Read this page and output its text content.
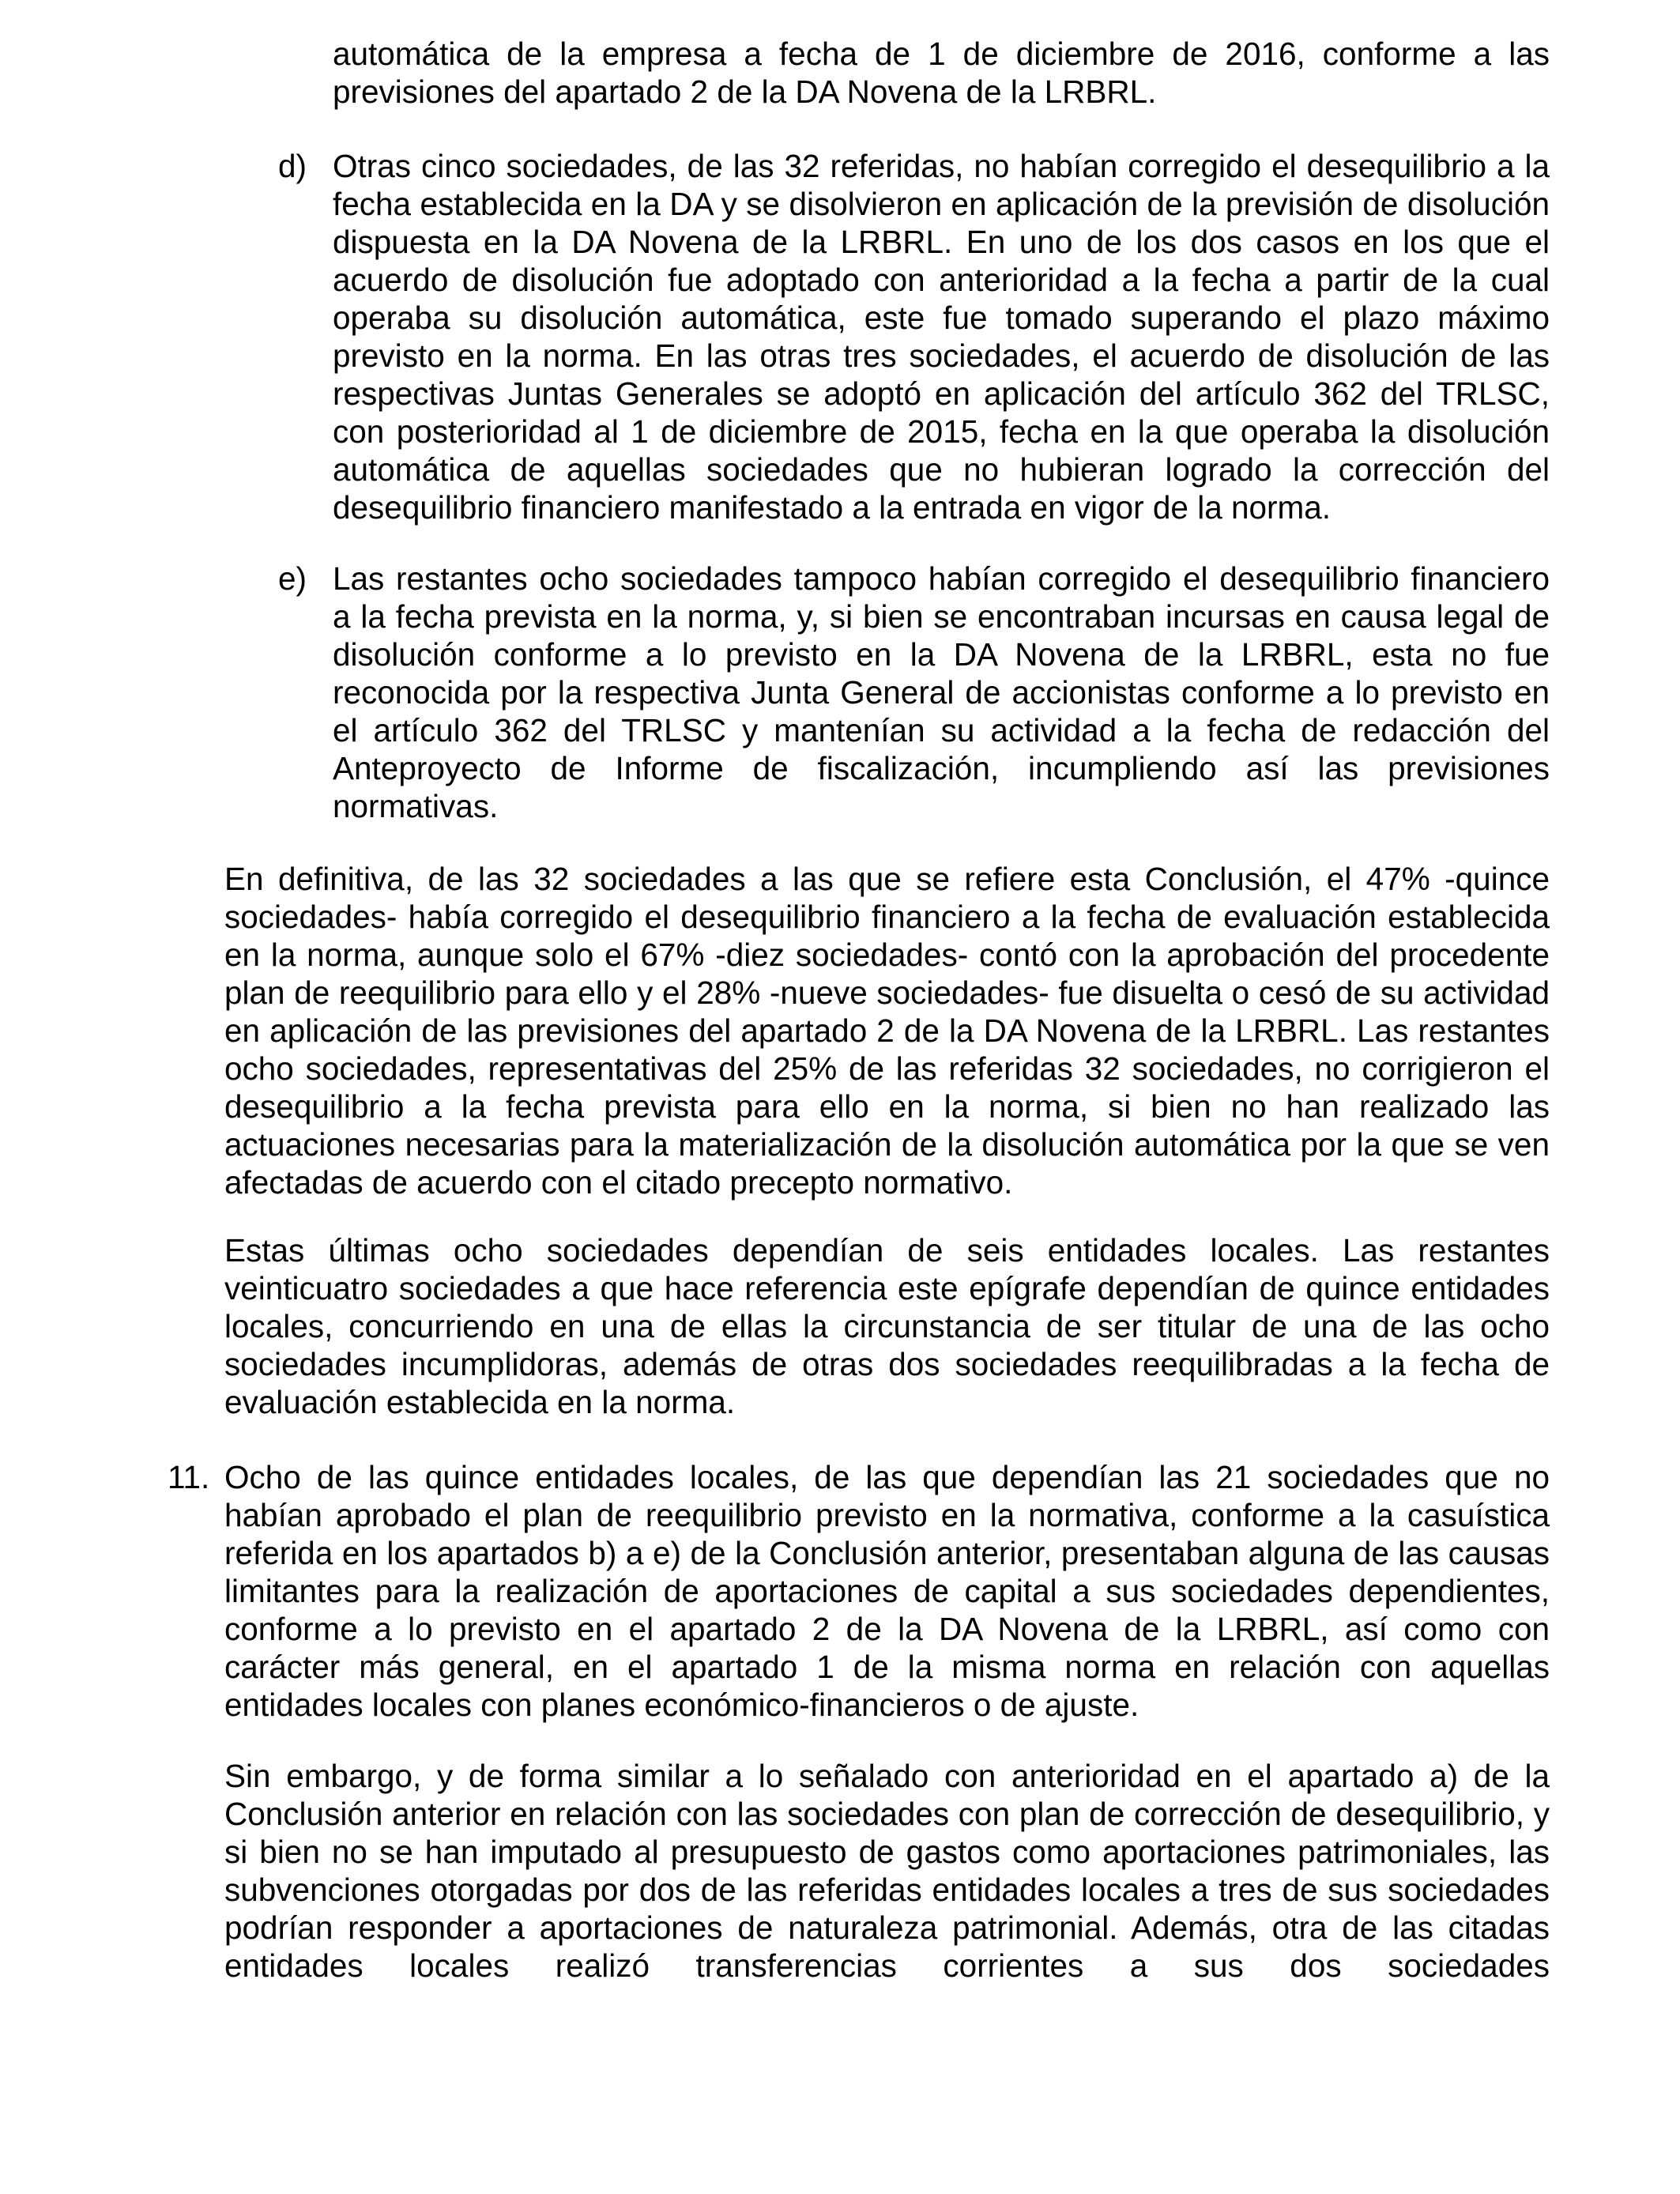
automática de la empresa a fecha de 1 de diciembre de 2016, conforme a las previsiones del apartado 2 de la DA Novena de la LRBRL.

d) Otras cinco sociedades, de las 32 referidas, no habían corregido el desequilibrio a la fecha establecida en la DA y se disolvieron en aplicación de la previsión de disolución dispuesta en la DA Novena de la LRBRL. En uno de los dos casos en los que el acuerdo de disolución fue adoptado con anterioridad a la fecha a partir de la cual operaba su disolución automática, este fue tomado superando el plazo máximo previsto en la norma. En las otras tres sociedades, el acuerdo de disolución de las respectivas Juntas Generales se adoptó en aplicación del artículo 362 del TRLSC, con posterioridad al 1 de diciembre de 2015, fecha en la que operaba la disolución automática de aquellas sociedades que no hubieran logrado la corrección del desequilibrio financiero manifestado a la entrada en vigor de la norma.

e) Las restantes ocho sociedades tampoco habían corregido el desequilibrio financiero a la fecha prevista en la norma, y, si bien se encontraban incursas en causa legal de disolución conforme a lo previsto en la DA Novena de la LRBRL, esta no fue reconocida por la respectiva Junta General de accionistas conforme a lo previsto en el artículo 362 del TRLSC y mantenían su actividad a la fecha de redacción del Anteproyecto de Informe de fiscalización, incumpliendo así las previsiones normativas.

En definitiva, de las 32 sociedades a las que se refiere esta Conclusión, el 47% -quince sociedades- había corregido el desequilibrio financiero a la fecha de evaluación establecida en la norma, aunque solo el 67% -diez sociedades- contó con la aprobación del procedente plan de reequilibrio para ello y el 28% -nueve sociedades- fue disuelta o cesó de su actividad en aplicación de las previsiones del apartado 2 de la DA Novena de la LRBRL. Las restantes ocho sociedades, representativas del 25% de las referidas 32 sociedades, no corrigieron el desequilibrio a la fecha prevista para ello en la norma, si bien no han realizado las actuaciones necesarias para la materialización de la disolución automática por la que se ven afectadas de acuerdo con el citado precepto normativo.

Estas últimas ocho sociedades dependían de seis entidades locales. Las restantes veinticuatro sociedades a que hace referencia este epígrafe dependían de quince entidades locales, concurriendo en una de ellas la circunstancia de ser titular de una de las ocho sociedades incumplidoras, además de otras dos sociedades reequilibradas a la fecha de evaluación establecida en la norma.

11. Ocho de las quince entidades locales, de las que dependían las 21 sociedades que no habían aprobado el plan de reequilibrio previsto en la normativa, conforme a la casuística referida en los apartados b) a e) de la Conclusión anterior, presentaban alguna de las causas limitantes para la realización de aportaciones de capital a sus sociedades dependientes, conforme a lo previsto en el apartado 2 de la DA Novena de la LRBRL, así como con carácter más general, en el apartado 1 de la misma norma en relación con aquellas entidades locales con planes económico-financieros o de ajuste.

Sin embargo, y de forma similar a lo señalado con anterioridad en el apartado a) de la Conclusión anterior en relación con las sociedades con plan de corrección de desequilibrio, y si bien no se han imputado al presupuesto de gastos como aportaciones patrimoniales, las subvenciones otorgadas por dos de las referidas entidades locales a tres de sus sociedades podrían responder a aportaciones de naturaleza patrimonial. Además, otra de las citadas entidades locales realizó transferencias corrientes a sus dos sociedades
